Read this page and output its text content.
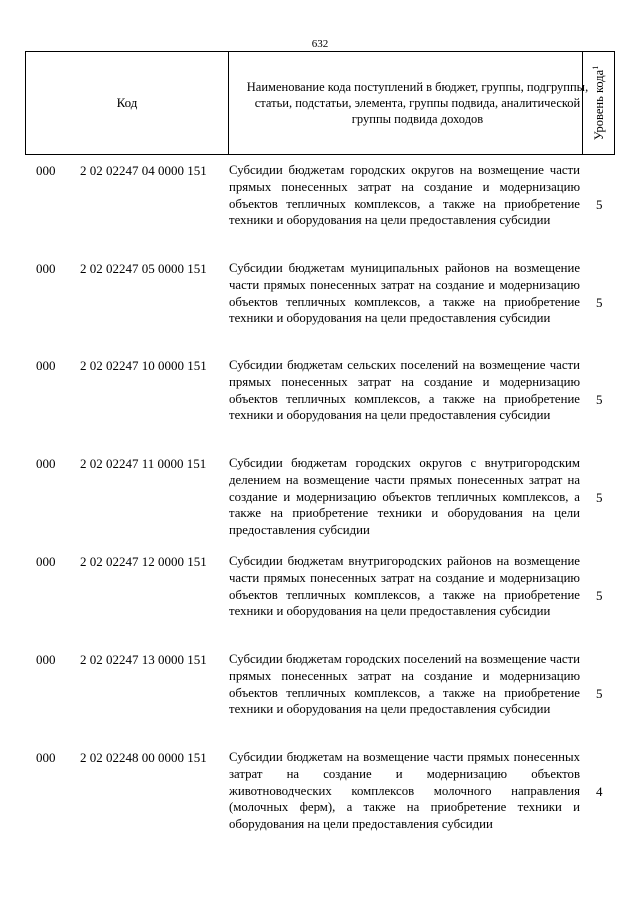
632
Код
Наименование кода поступлений в бюджет, группы, подгруппы, статьи, подстатьи, элемента, группы подвида, аналитической группы подвида доходов	Уровень кода$^1$
000 2 02 02247 04 0000 151 Субсидии бюджетам городских округов на возмещение части прямых понесенных затрат на создание и модернизацию объектов тепличных комплексов, а также на приобретение техники и оборудования на цели предоставления субсидии
5
000 2 02 02247 05 0000 151 Субсидии бюджетам муниципальных районов на возмещение части прямых понесенных затрат на создание и модернизацию объектов тепличных комплексов, а также на приобретение техники и оборудования на цели предоставления субсидии
5
000 2 02 02247 10 0000 151 Субсидии бюджетам сельских поселений на возмещение части прямых понесенных затрат на создание и модернизацию объектов тепличных комплексов, а также на приобретение техники и оборудования на цели предоставления субсидии
5
000 2 02 02247 11 0000 151 Субсидии бюджетам городских округов с внутригородским делением на возмещение части прямых понесенных затрат на создание и модернизацию объектов тепличных комплексов, а также на приобретение техники и оборудования на цели предоставления субсидии
5
000 2 02 02247 12 0000 151 Субсидии бюджетам внутригородских районов на возмещение части прямых понесенных затрат на создание и модернизацию объектов тепличных комплексов, а также на приобретение техники и оборудования на цели предоставления субсидии
5
000 2 02 02247 13 0000 151 Субсидии бюджетам городских поселений на возмещение части прямых понесенных затрат на создание и модернизацию объектов тепличных комплексов, а также на приобретение техники и оборудования на цели предоставления субсидии
5
000 2 02 02248 00 0000 151 Субсидии бюджетам на возмещение части прямых понесенных затрат на создание и модернизацию объектов животноводческих комплексов молочного направления (молочных ферм), а также на приобретение техники и оборудования на цели предоставления субсидии
4
